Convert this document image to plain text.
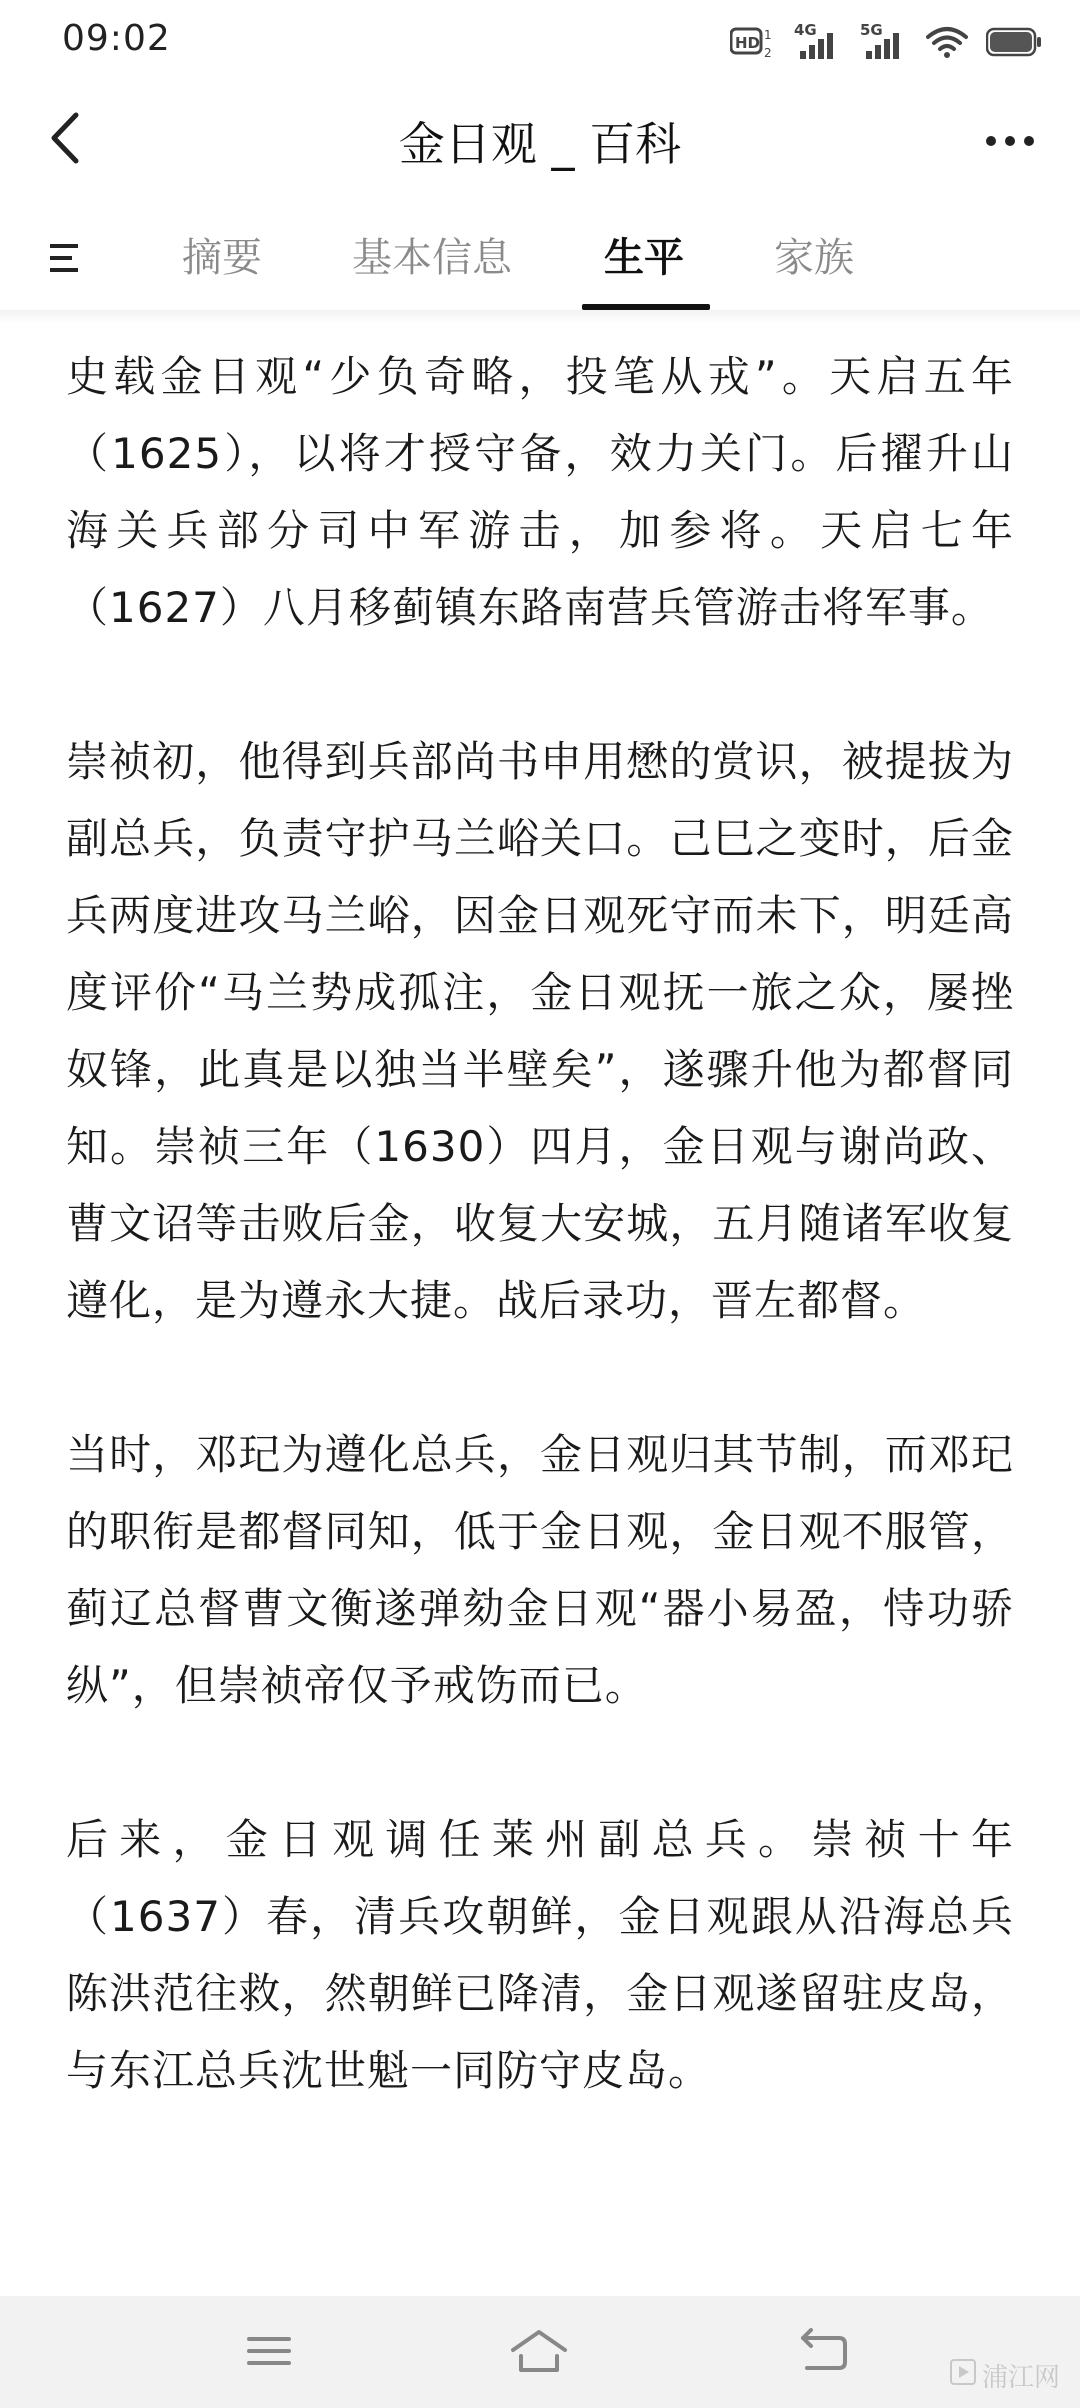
09:02	HD 1
2
4G	5G
金日观 _ 百科
摘要 基本信息 生平 家族

史载金日观“少负奇略，投笔从戎”。天启五年（1625），以将才授守备，效力关门。后擢升山海关兵部分司中军游击，加参将。天启七年（1627）八月移蓟镇东路南营兵管游击将军事。

崇祯初，他得到兵部尚书申用懋的赏识，被提拔为副总兵，负责守护马兰峪关口。己巳之变时，后金兵两度进攻马兰峪，因金日观死守而未下，明廷高度评价“马兰势成孤注，金日观抚一旅之众，屡挫奴锋，此真是以独当半壁矣”，遂骤升他为都督同知。崇祯三年（1630）四月，金日观与谢尚政、曹文诏等击败后金，收复大安城，五月随诸军收复遵化，是为遵永大捷。战后录功，晋左都督。

当时，邓玘为遵化总兵，金日观归其节制，而邓玘的职衔是都督同知，低于金日观，金日观不服管，蓟辽总督曹文衡遂弹劾金日观“器小易盈，恃功骄纵”，但崇祯帝仅予戒饬而已。

后来，金日观调任莱州副总兵。崇祯十年（1637）春，清兵攻朝鲜，金日观跟从沿海总兵陈洪范往救，然朝鲜已降清，金日观遂留驻皮岛，与东江总兵沈世魁一同防守皮岛。

浦江网
